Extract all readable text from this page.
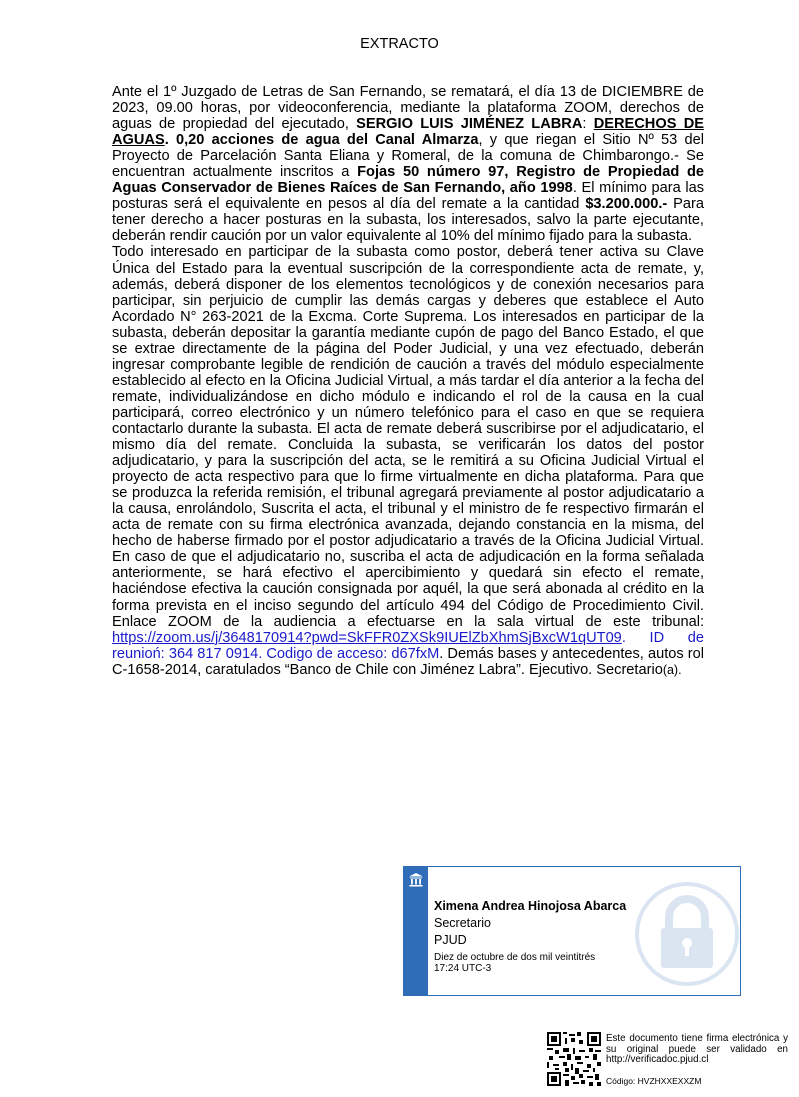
EXTRACTO

Ante el 1º Juzgado de Letras de San Fernando, se rematará, el día 13 de DICIEMBRE de 2023, 09.00 horas, por videoconferencia, mediante la plataforma ZOOM, derechos de aguas de propiedad del ejecutado, SERGIO LUIS JIMÉNEZ LABRA: DERECHOS DE AGUAS. 0,20 acciones de agua del Canal Almarza, y que riegan el Sitio Nº 53 del Proyecto de Parcelación Santa Eliana y Romeral, de la comuna de Chimbarongo.- Se encuentran actualmente inscritos a Fojas 50 número 97, Registro de Propiedad de Aguas Conservador de Bienes Raíces de San Fernando, año 1998. El mínimo para las posturas será el equivalente en pesos al día del remate a la cantidad $3.200.000.- Para tener derecho a hacer posturas en la subasta, los interesados, salvo la parte ejecutante, deberán rendir caución por un valor equivalente al 10% del mínimo fijado para la subasta.

Todo interesado en participar de la subasta como postor, deberá tener activa su Clave Única del Estado para la eventual suscripción de la correspondiente acta de remate, y, además, deberá disponer de los elementos tecnológicos y de conexión necesarios para participar, sin perjuicio de cumplir las demás cargas y deberes que establece el Auto Acordado N° 263-2021 de la Excma. Corte Suprema. Los interesados en participar de la subasta, deberán depositar la garantía mediante cupón de pago del Banco Estado, el que se extrae directamente de la página del Poder Judicial, y una vez efectuado, deberán ingresar comprobante legible de rendición de caución a través del módulo especialmente establecido al efecto en la Oficina Judicial Virtual, a más tardar el día anterior a la fecha del remate, individualizándose en dicho módulo e indicando el rol de la causa en la cual participará, correo electrónico y un número telefónico para el caso en que se requiera contactarlo durante la subasta. El acta de remate deberá suscribirse por el adjudicatario, el mismo día del remate. Concluida la subasta, se verificarán los datos del postor adjudicatario, y para la suscripción del acta, se le remitirá a su Oficina Judicial Virtual el proyecto de acta respectivo para que lo firme virtualmente en dicha plataforma. Para que se produzca la referida remisión, el tribunal agregará previamente al postor adjudicatario a la causa, enrolándolo, Suscrita el acta, el tribunal y el ministro de fe respectivo firmarán el acta de remate con su firma electrónica avanzada, dejando constancia en la misma, del hecho de haberse firmado por el postor adjudicatario a través de la Oficina Judicial Virtual. En caso de que el adjudicatario no, suscriba el acta de adjudicación en la forma señalada anteriormente, se hará efectivo el apercibimiento y quedará sin efecto el remate, haciéndose efectiva la caución consignada por aquél, la que será abonada al crédito en la forma prevista en el inciso segundo del artículo 494 del Código de Procedimiento Civil. Enlace ZOOM de la audiencia a efectuarse en la sala virtual de este tribunal: https://zoom.us/j/3648170914?pwd=SkFFR0ZXSk9IUElZbXhmSjBxcW1qUT09. ID de reunioń: 364 817 0914. Codigo de acceso: d67fxM. Demás bases y antecedentes, autos rol C-1658-2014, caratulados “Banco de Chile con Jiménez Labra”. Ejecutivo. Secretario(a).

Ximena Andrea Hinojosa Abarca
Secretario
PJUD
Diez de octubre de dos mil veintitrés
17:24 UTC-3
Este documento tiene firma electrónica y su original puede ser validado en http://verificadoc.pjud.cl
Código: HVZHXXEXXZM
